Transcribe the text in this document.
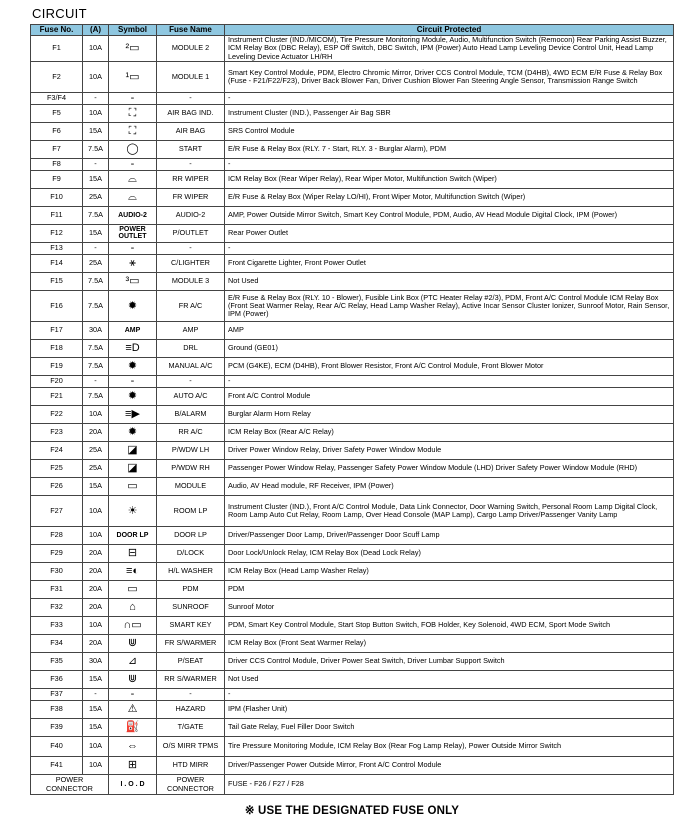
CIRCUIT
Fuse No.	(A)	Symbol	Fuse Name	Circuit Protected
F1	10A	²▭	MODULE 2	Instrument Cluster (IND./MICOM), Tire Pressure Monitoring Module, Audio, Multifunction Switch (Remocon) Rear Parking Assist Buzzer, ICM Relay Box (DBC Relay), ESP Off Switch, DBC Switch, IPM (Power) Auto Head Lamp Leveling Device Control Unit, Head Lamp Leveling Device Actuator LH/RH
F2	10A	¹▭	MODULE 1	Smart Key Control Module, PDM, Electro Chromic Mirror, Driver CCS Control Module, TCM (D4HB), 4WD ECM E/R Fuse & Relay Box (Fuse - F21/F22/F23), Driver Back Blower Fan, Driver Cushion Blower Fan Steering Angle Sensor, Transmission Range Switch
F3/F4	-	-	-	-
F5	10A	⛶	AIR BAG IND.	Instrument Cluster (IND.), Passenger Air Bag SBR
F6	15A	⛶	AIR BAG	SRS Control Module
F7	7.5A	◯	START	E/R Fuse & Relay Box (RLY. 7 - Start, RLY. 3 - Burglar Alarm), PDM
F8	-	-	-	-
F9	15A	⌓	RR WIPER	ICM Relay Box (Rear Wiper Relay), Rear Wiper Motor, Multifunction Switch (Wiper)
F10	25A	⌓	FR WIPER	E/R Fuse & Relay Box (Wiper Relay LO/HI), Front Wiper Motor, Multifunction Switch (Wiper)
F11	7.5A	AUDIO-2	AUDIO-2	AMP, Power Outside Mirror Switch, Smart Key Control Module, PDM, Audio, AV Head Module Digital Clock, IPM (Power)
F12	15A	POWER OUTLET	P/OUTLET	Rear Power Outlet
F13	-	-	-	-
F14	25A	⚹	C/LIGHTER	Front Cigarette Lighter, Front Power Outlet
F15	7.5A	³▭	MODULE 3	Not Used
F16	7.5A	✹	FR A/C	E/R Fuse & Relay Box (RLY. 10 - Blower), Fusible Link Box (PTC Heater Relay #2/3), PDM, Front A/C Control Module ICM Relay Box (Front Seat Warmer Relay, Rear A/C Relay, Head Lamp Washer Relay), Active Incar Sensor Cluster Ionizer, Sunroof Motor, Rain Sensor, IPM (Power)
F17	30A	AMP	AMP	AMP
F18	7.5A	≡D	DRL	Ground (GE01)
F19	7.5A	✹	MANUAL A/C	PCM (G4KE), ECM (D4HB), Front Blower Resistor, Front A/C Control Module, Front Blower Motor
F20	-	-	-	-
F21	7.5A	✹	AUTO A/C	Front A/C Control Module
F22	10A	≡▶	B/ALARM	Burglar Alarm Horn Relay
F23	20A	✹	RR A/C	ICM Relay Box (Rear A/C Relay)
F24	25A	◪	P/WDW LH	Driver Power Window Relay, Driver Safety Power Window Module
F25	25A	◪	P/WDW RH	Passenger Power Window Relay, Passenger Safety Power Window Module (LHD) Driver Safety Power Window Module (RHD)
F26	15A	▭	MODULE	Audio, AV Head module, RF Receiver, IPM (Power)
F27	10A	☀	ROOM LP	Instrument Cluster (IND.), Front A/C Control Module, Data Link Connector, Door Warning Switch, Personal Room Lamp Digital Clock, Room Lamp Auto Cut Relay, Room Lamp, Over Head Console (MAP Lamp), Cargo Lamp Driver/Passenger Vanity Lamp
F28	10A	DOOR LP	DOOR LP	Driver/Passenger Door Lamp, Driver/Passenger Door Scuff Lamp
F29	20A	⊟	D/LOCK	Door Lock/Unlock Relay, ICM Relay Box (Dead Lock Relay)
F30	20A	≡◐	H/L WASHER	ICM Relay Box (Head Lamp Washer Relay)
F31	20A	▭	PDM	PDM
F32	20A	⌂	SUNROOF	Sunroof Motor
F33	10A	∩▭	SMART KEY	PDM, Smart Key Control Module, Start Stop Button Switch, FOB Holder, Key Solenoid, 4WD ECM, Sport Mode Switch
F34	20A	⋓	FR S/WARMER	ICM Relay Box (Front Seat Warmer Relay)
F35	30A	⊿	P/SEAT	Driver CCS Control Module, Driver Power Seat Switch, Driver Lumbar Support Switch
F36	15A	⋓	RR S/WARMER	Not Used
F37	-	-	-	-
F38	15A	⚠	HAZARD	IPM (Flasher Unit)
F39	15A	⛽	T/GATE	Tail Gate Relay, Fuel Filler Door Switch
F40	10A	⇔	O/S MIRR TPMS	Tire Pressure Monitoring Module, ICM Relay Box (Rear Fog Lamp Relay), Power Outside Mirror Switch
F41	10A	⊞	HTD MIRR	Driver/Passenger Power Outside Mirror, Front A/C Control Module
POWER CONNECTOR		I . O . D	POWER CONNECTOR	FUSE - F26 / F27 / F28
※ USE THE DESIGNATED FUSE ONLY
